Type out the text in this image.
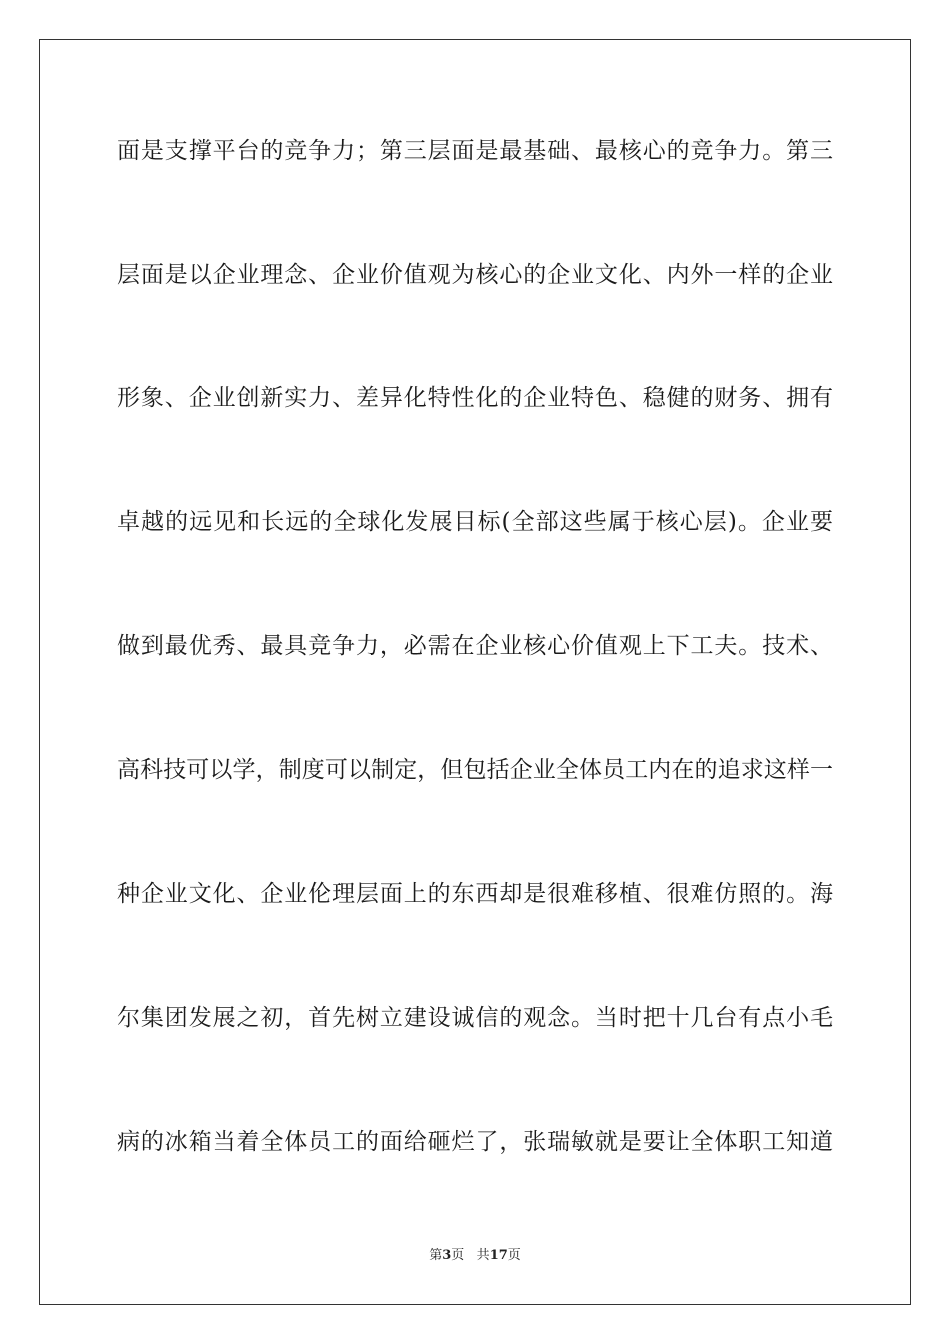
面是支撑平台的竞争力；第三层面是最基础、最核心的竞争力。第三
层面是以企业理念、企业价值观为核心的企业文化、内外一样的企业
形象、企业创新实力、差异化特性化的企业特色、稳健的财务、拥有
卓越的远见和长远的全球化发展目标(全部这些属于核心层)。企业要
做到最优秀、最具竞争力，必需在企业核心价值观上下工夫。技术、
高科技可以学，制度可以制定，但包括企业全体员工内在的追求这样一
种企业文化、企业伦理层面上的东西却是很难移植、很难仿照的。海
尔集团发展之初，首先树立建设诚信的观念。当时把十几台有点小毛
病的冰箱当着全体员工的面给砸烂了，张瑞敏就是要让全体职工知道
第3页 共17页
